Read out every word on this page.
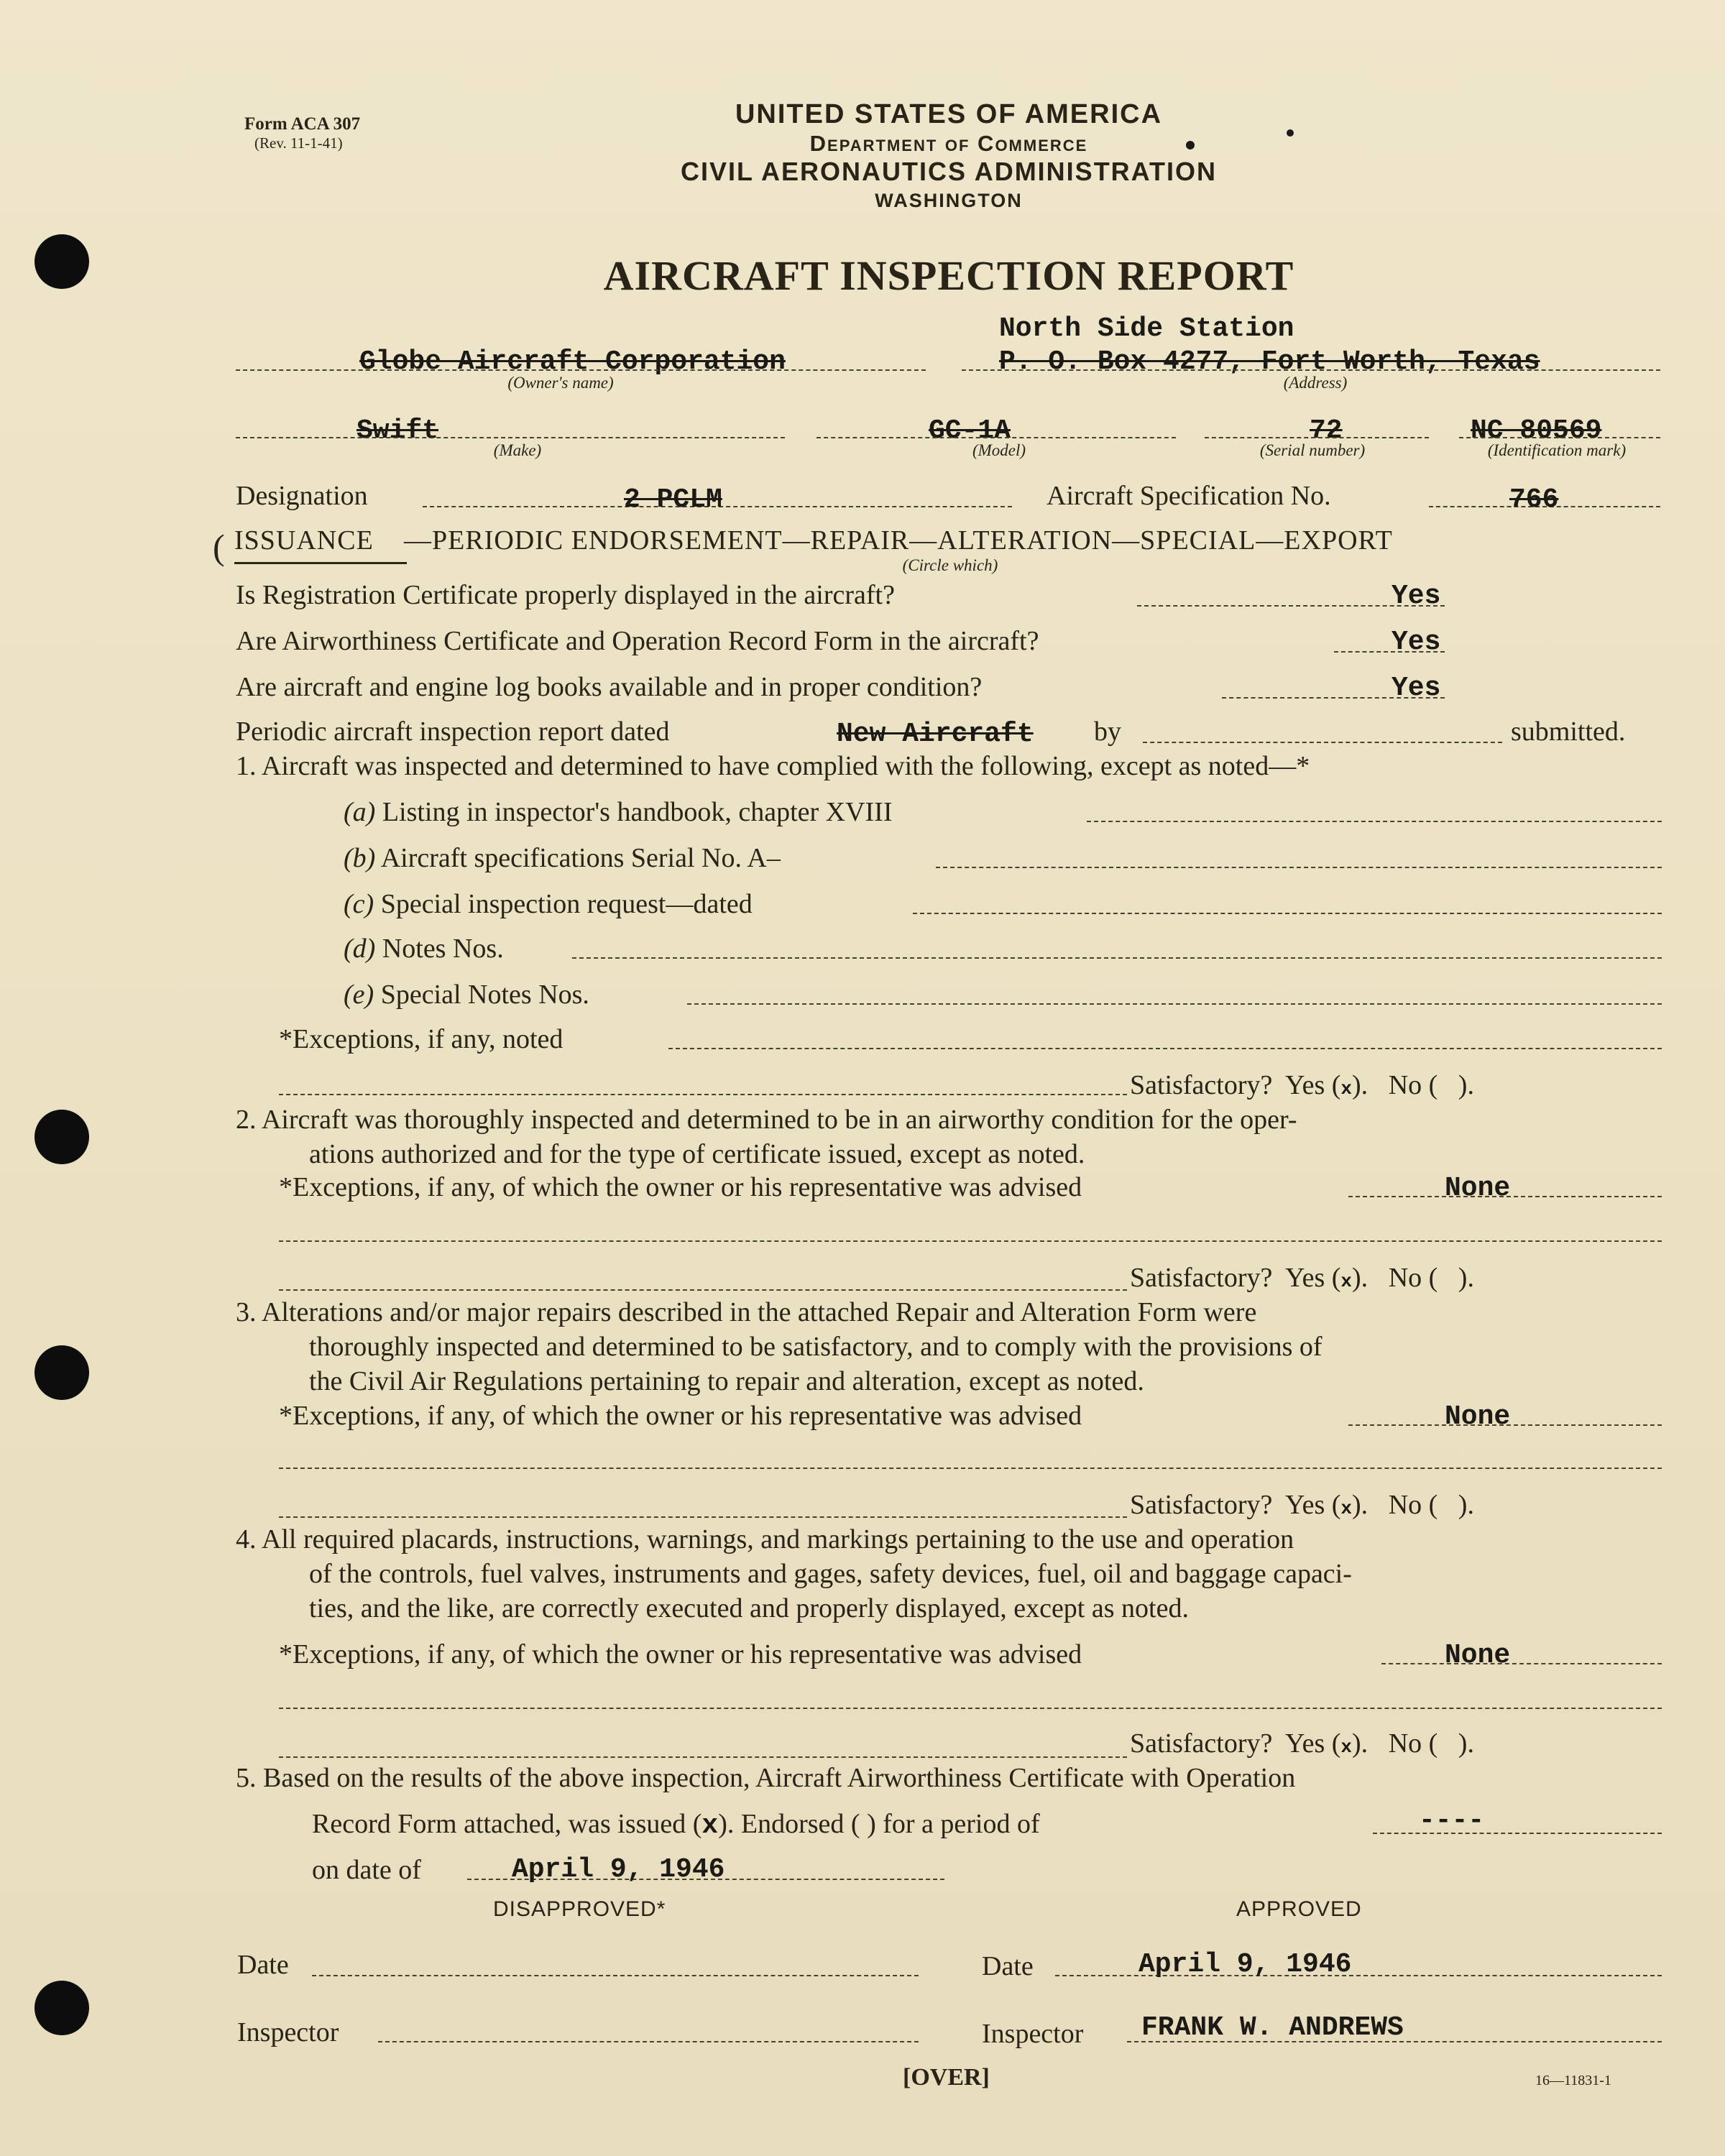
Form ACA 307
(Rev. 11-1-41)
UNITED STATES OF AMERICA
Department of Commerce
CIVIL AERONAUTICS ADMINISTRATION
WASHINGTON
AIRCRAFT INSPECTION REPORT
North Side Station
Globe Aircraft Corporation	P. O. Box 4277, Fort Worth, Texas
(Owner's name)	(Address)
Swift	GC-1A	72	NC 80569
(Make)	(Model)	(Serial number)	(Identification mark)
Designation	2 PCLM	Aircraft Specification No.	766
( ISSUANCE —PERIODIC ENDORSEMENT—REPAIR—ALTERATION—SPECIAL—EXPORT
(Circle which)
Is Registration Certificate properly displayed in the aircraft?	Yes
Are Airworthiness Certificate and Operation Record Form in the aircraft?	Yes
Are aircraft and engine log books available and in proper condition?	Yes
Periodic aircraft inspection report dated	New Aircraft by	submitted.
1. Aircraft was inspected and determined to have complied with the following, except as noted—*
(a) Listing in inspector's handbook, chapter XVIII
(b) Aircraft specifications Serial No. A–
(c) Special inspection request—dated
(d) Notes Nos.
(e) Special Notes Nos.
*Exceptions, if any, noted
Satisfactory? Yes (x). No ( ).
2. Aircraft was thoroughly inspected and determined to be in an airworthy condition for the oper-
ations authorized and for the type of certificate issued, except as noted.
*Exceptions, if any, of which the owner or his representative was advised	None
Satisfactory? Yes (x). No ( ).
3. Alterations and/or major repairs described in the attached Repair and Alteration Form were
thoroughly inspected and determined to be satisfactory, and to comply with the provisions of
the Civil Air Regulations pertaining to repair and alteration, except as noted.
*Exceptions, if any, of which the owner or his representative was advised	None
Satisfactory? Yes (x). No ( ).
4. All required placards, instructions, warnings, and markings pertaining to the use and operation
of the controls, fuel valves, instruments and gages, safety devices, fuel, oil and baggage capaci-
ties, and the like, are correctly executed and properly displayed, except as noted.
*Exceptions, if any, of which the owner or his representative was advised	None
Satisfactory? Yes (x). No ( ).
5. Based on the results of the above inspection, Aircraft Airworthiness Certificate with Operation
Record Form attached, was issued (x). Endorsed ( ) for a period of	----
on date of	April 9, 1946
DISAPPROVED*	APPROVED
Date	Date	April 9, 1946
Inspector	Inspector FRANK W. ANDREWS
[OVER]	16—11831-1
